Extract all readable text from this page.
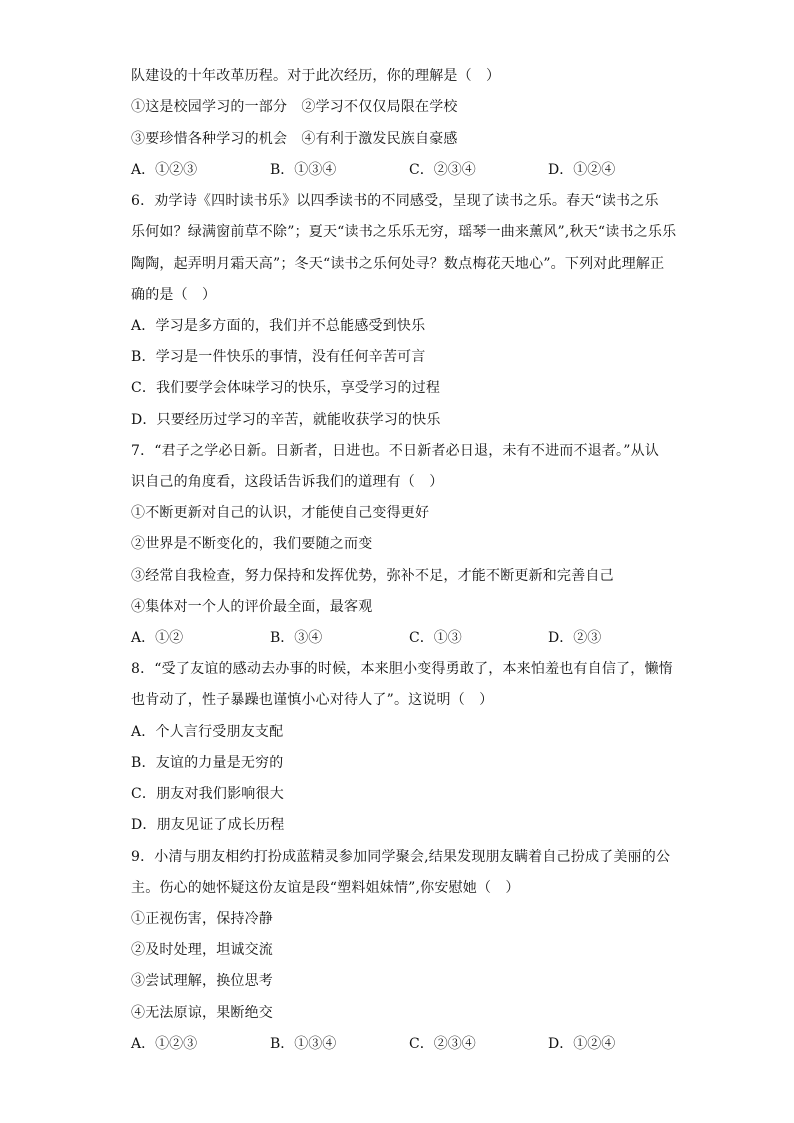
队建设的十年改革历程。对于此次经历，你的理解是（　）
①这是校园学习的一部分　②学习不仅仅局限在学校
③要珍惜各种学习的机会　④有利于激发民族自豪感
A．①②③	B．①③④	C．②③④	D．①②④
6．劝学诗《四时读书乐》以四季读书的不同感受，呈现了读书之乐。春天“读书之乐
乐何如？绿满窗前草不除”；夏天“读书之乐乐无穷，瑶琴一曲来薰风”,秋天“读书之乐乐
陶陶，起弄明月霜天高”；冬天“读书之乐何处寻？数点梅花天地心”。下列对此理解正
确的是（　）
A．学习是多方面的，我们并不总能感受到快乐
B．学习是一件快乐的事情，没有任何辛苦可言
C．我们要学会体味学习的快乐，享受学习的过程
D．只要经历过学习的辛苦，就能收获学习的快乐
7．“君子之学必日新。日新者，日进也。不日新者必日退，未有不进而不退者。”从认
识自己的角度看，这段话告诉我们的道理有（　）
①不断更新对自己的认识，才能使自己变得更好
②世界是不断变化的，我们要随之而变
③经常自我检查，努力保持和发挥优势，弥补不足，才能不断更新和完善自己
④集体对一个人的评价最全面，最客观
A．①②	B．③④	C．①③	D．②③
8．“受了友谊的感动去办事的时候，本来胆小变得勇敢了，本来怕羞也有自信了，懒惰
也肯动了，性子暴躁也谨慎小心对待人了”。这说明（　）
A．个人言行受朋友支配
B．友谊的力量是无穷的
C．朋友对我们影响很大
D．朋友见证了成长历程
9．小清与朋友相约打扮成蓝精灵参加同学聚会,结果发现朋友瞒着自己扮成了美丽的公
主。伤心的她怀疑这份友谊是段“塑料姐妹情”,你安慰她（　）
①正视伤害，保持冷静
②及时处理，坦诚交流
③尝试理解，换位思考
④无法原谅，果断绝交
A．①②③	B．①③④	C．②③④	D．①②④
